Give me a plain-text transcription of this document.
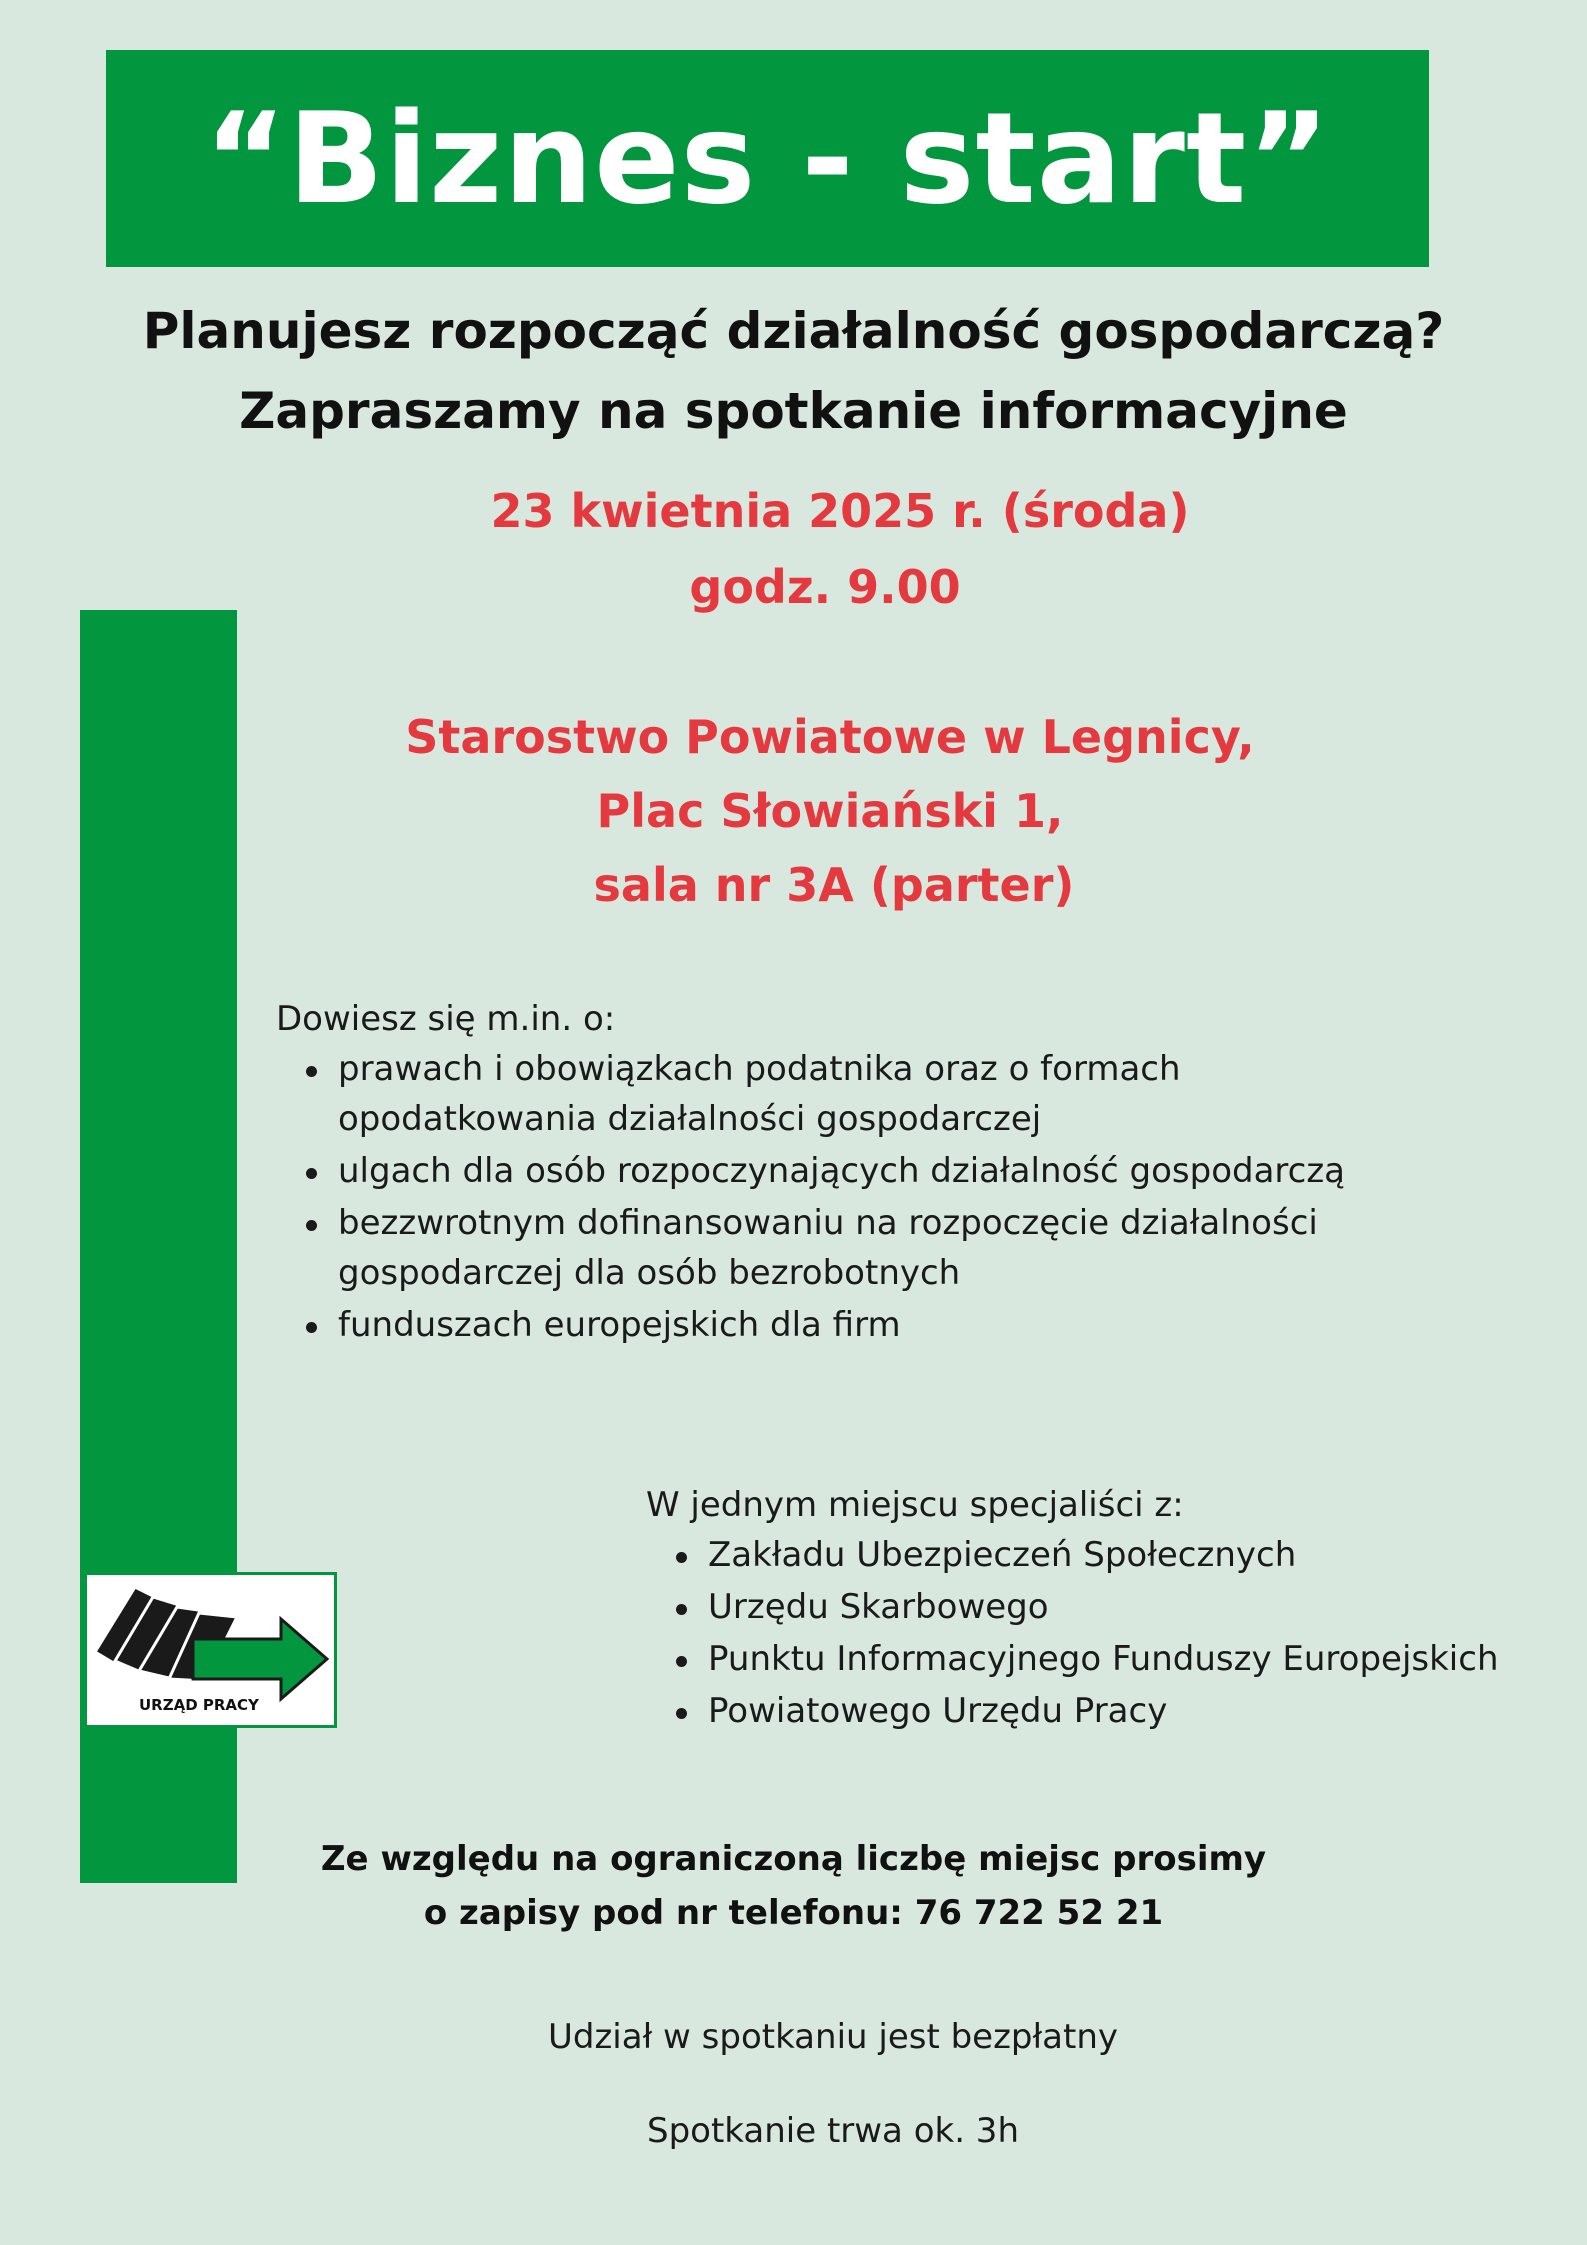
“Biznes - start”
Planujesz rozpocząć działalność gospodarczą?
Zapraszamy na spotkanie informacyjne
23 kwietnia 2025 r. (środa)
godz. 9.00
Starostwo Powiatowe w Legnicy,
Plac Słowiański 1,
sala nr 3A (parter)
Dowiesz się m.in. o:
prawach i obowiązkach podatnika oraz o formach
opodatkowania działalności gospodarczej
ulgach dla osób rozpoczynających działalność gospodarczą
bezzwrotnym dofinansowaniu na rozpoczęcie działalności
gospodarczej dla osób bezrobotnych
funduszach europejskich dla firm
W jednym miejscu specjaliści z:
Zakładu Ubezpieczeń Społecznych
Urzędu Skarbowego
Punktu Informacyjnego Funduszy Europejskich
Powiatowego Urzędu Pracy
URZĄD PRACY
Ze względu na ograniczoną liczbę miejsc prosimy
o zapisy pod nr telefonu: 76 722 52 21
Udział w spotkaniu jest bezpłatny
Spotkanie trwa ok. 3h
